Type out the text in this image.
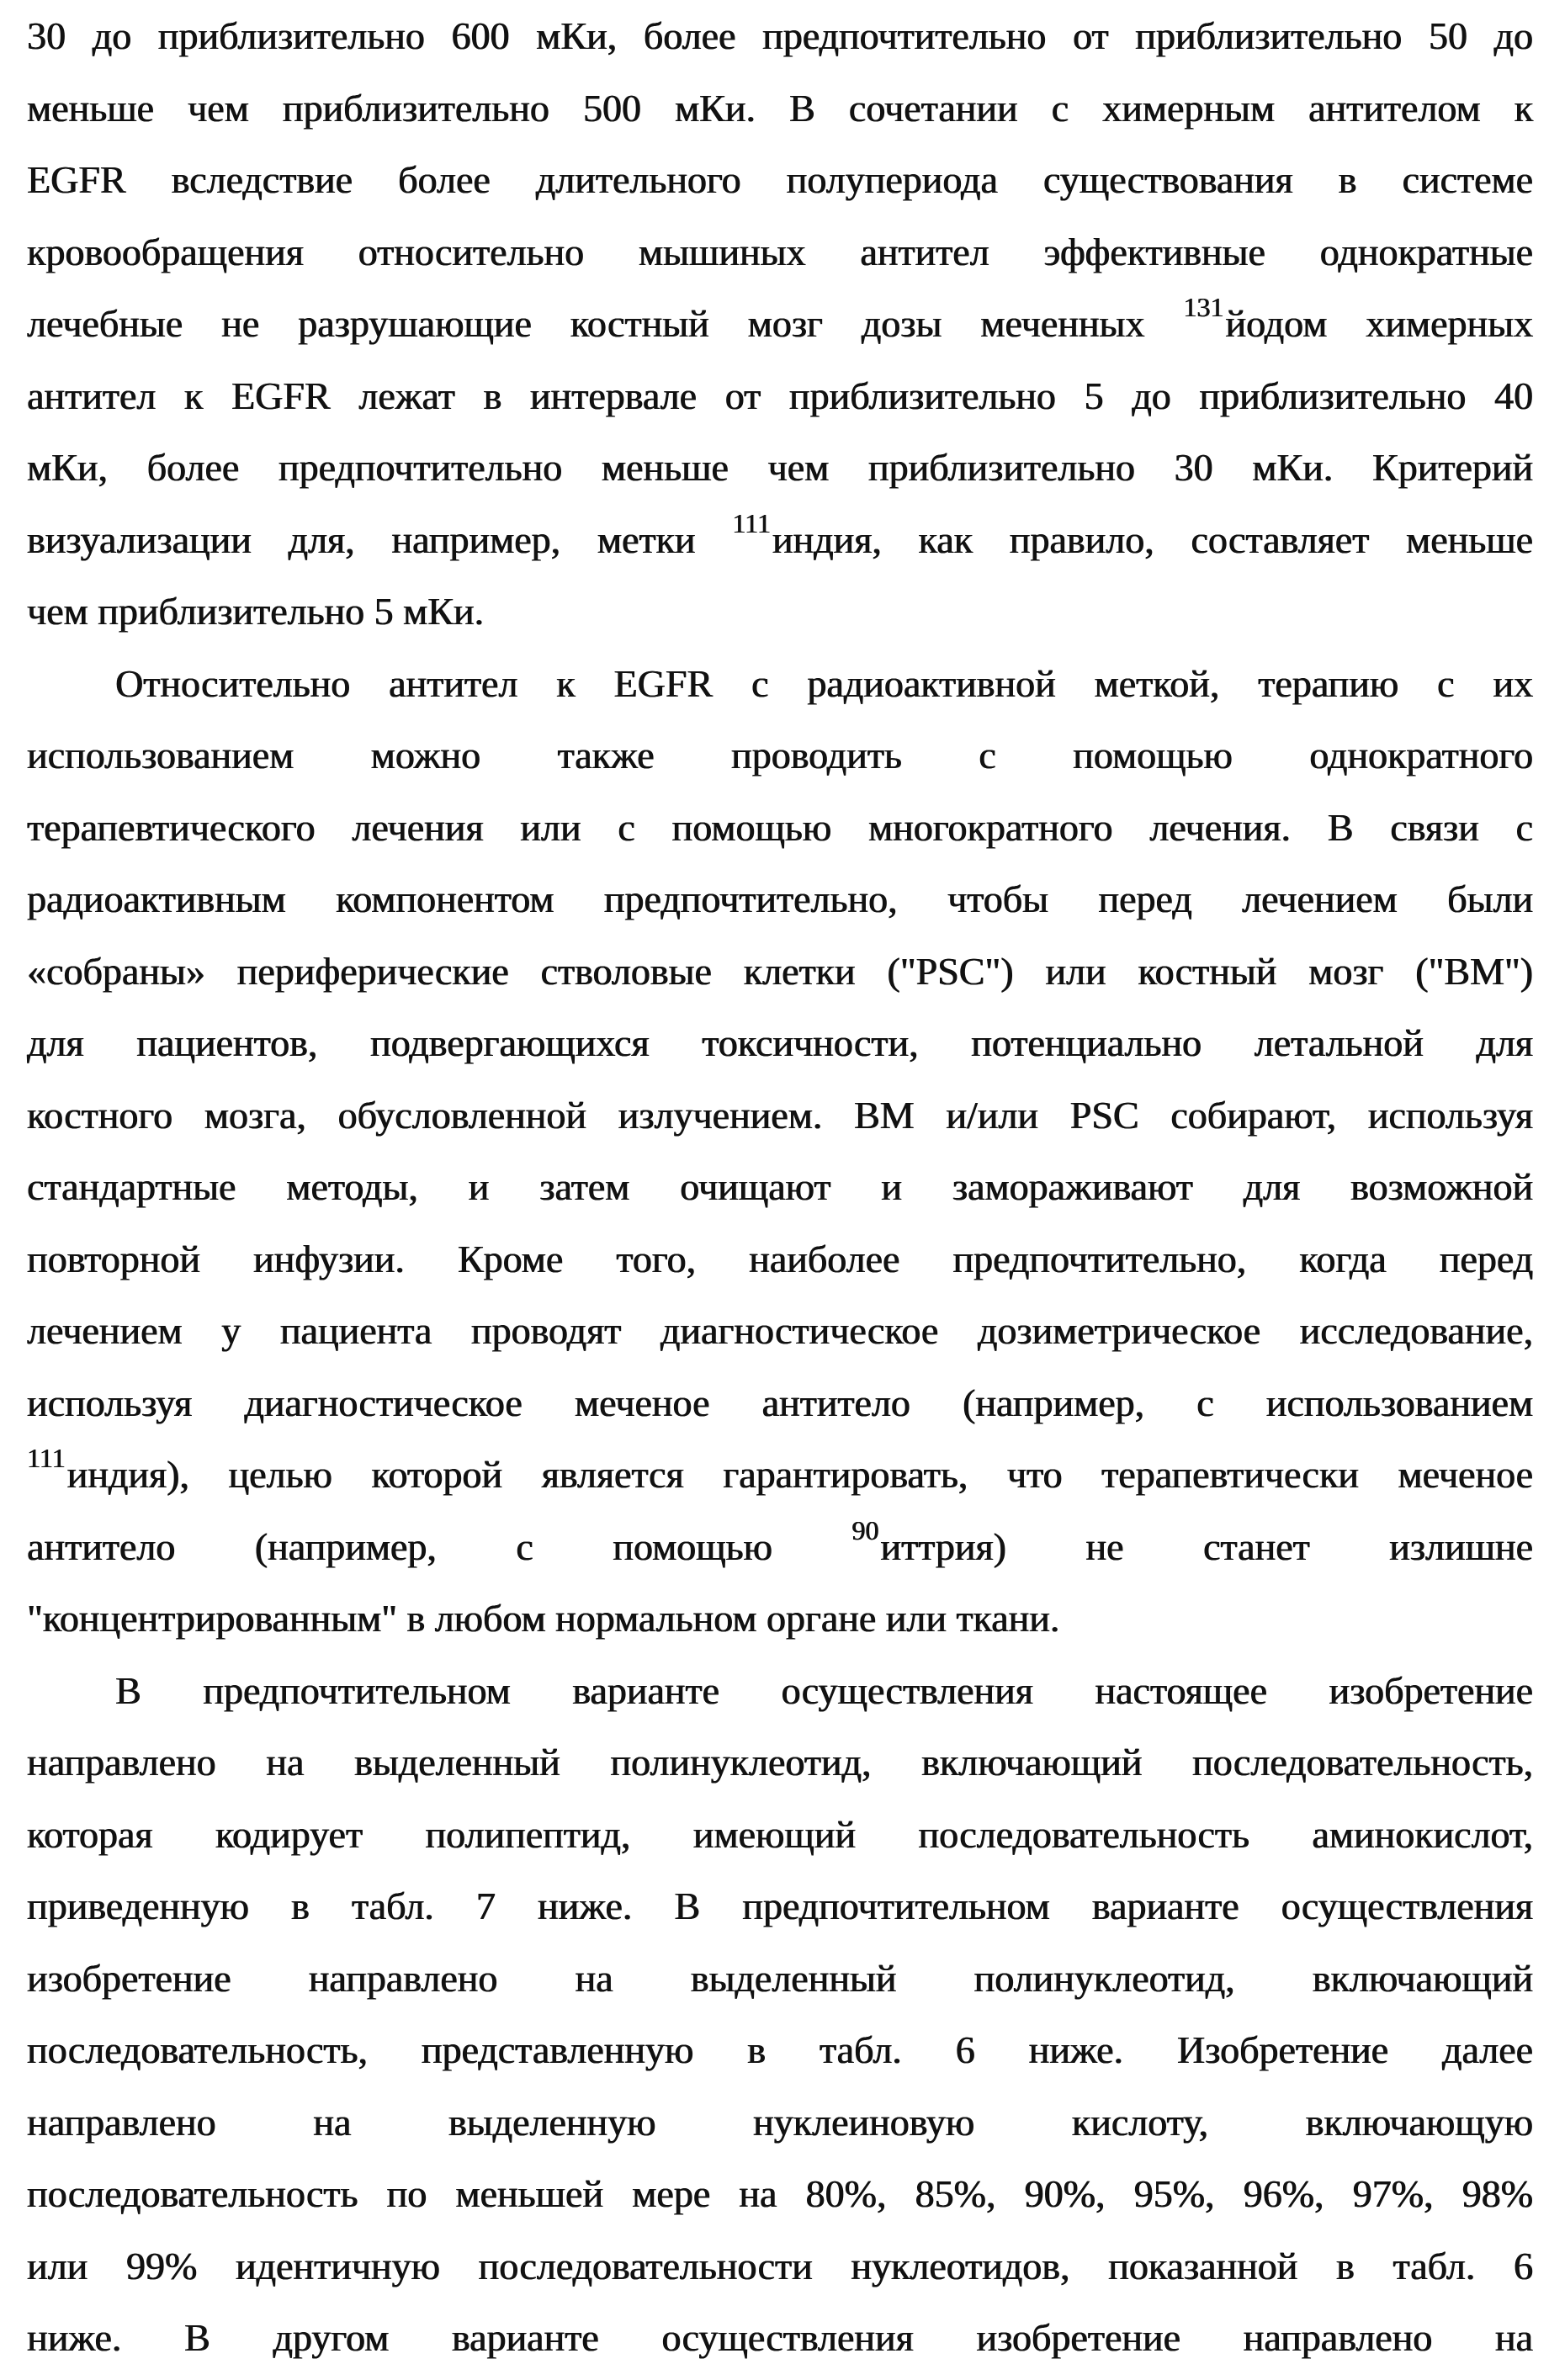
30 до приблизительно 600 мКи, более предпочтительно от приблизительно 50 до
меньше чем приблизительно 500 мКи. В сочетании с химерным антителом к
EGFR вследствие более длительного полупериода существования в системе
кровообращения относительно мышиных антител эффективные однократные
лечебные не разрушающие костный мозг дозы меченных 131йодом химерных
антител к EGFR лежат в интервале от приблизительно 5 до приблизительно 40
мКи, более предпочтительно меньше чем приблизительно 30 мКи. Критерий
визуализации для, например, метки 111индия, как правило, составляет меньше
чем приблизительно 5 мКи.
Относительно антител к EGFR с радиоактивной меткой, терапию с их
использованием можно также проводить с помощью однократного
терапевтического лечения или с помощью многократного лечения. В связи с
радиоактивным компонентом предпочтительно, чтобы перед лечением были
«собраны» периферические стволовые клетки ("PSC") или костный мозг ("BM")
для пациентов, подвергающихся токсичности, потенциально летальной для
костного мозга, обусловленной излучением. BM и/или PSC собирают, используя
стандартные методы, и затем очищают и замораживают для возможной
повторной инфузии. Кроме того, наиболее предпочтительно, когда перед
лечением у пациента проводят диагностическое дозиметрическое исследование,
используя диагностическое меченое антитело (например, с использованием
111индия), целью которой является гарантировать, что терапевтически меченое
антитело (например, с помощью 90иттрия) не станет излишне
"концентрированным" в любом нормальном органе или ткани.
В предпочтительном варианте осуществления настоящее изобретение
направлено на выделенный полинуклеотид, включающий последовательность,
которая кодирует полипептид, имеющий последовательность аминокислот,
приведенную в табл. 7 ниже. В предпочтительном варианте осуществления
изобретение направлено на выделенный полинуклеотид, включающий
последовательность, представленную в табл. 6 ниже. Изобретение далее
направлено на выделенную нуклеиновую кислоту, включающую
последовательность по меньшей мере на 80%, 85%, 90%, 95%, 96%, 97%, 98%
или 99% идентичную последовательности нуклеотидов, показанной в табл. 6
ниже. В другом варианте осуществления изобретение направлено на
